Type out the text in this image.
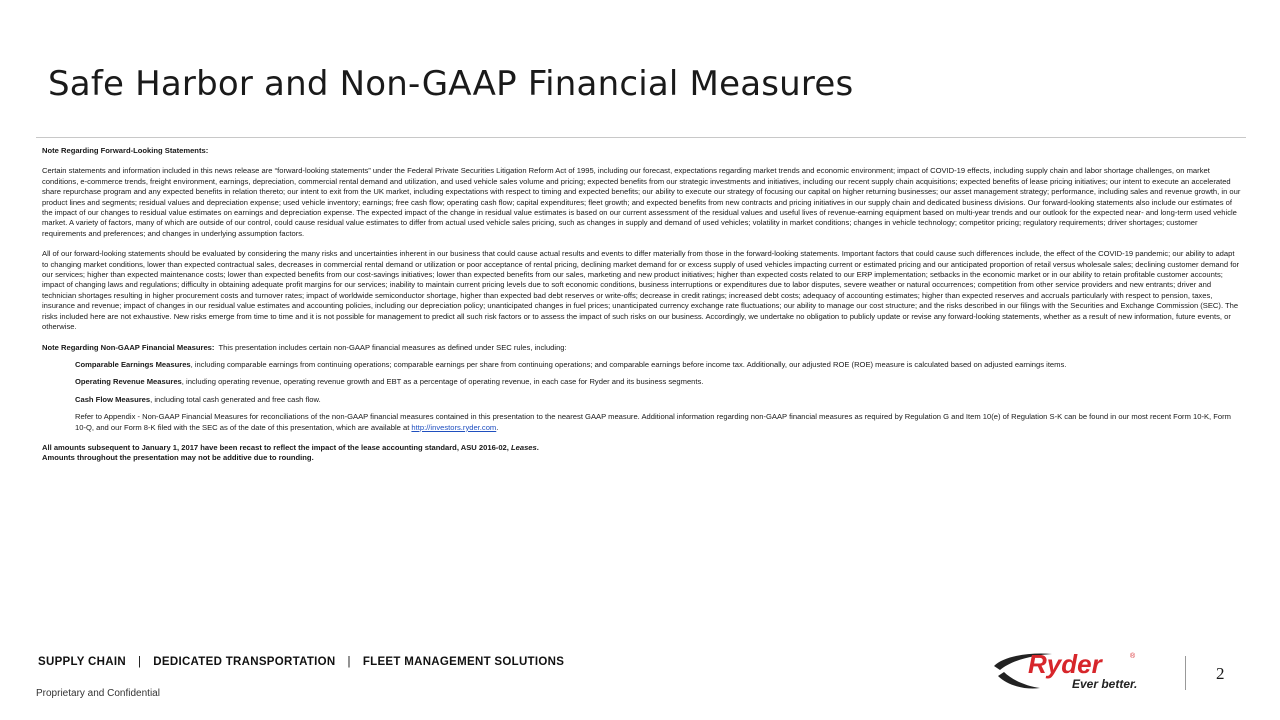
Safe Harbor and Non-GAAP Financial Measures

Note Regarding Forward-Looking Statements:

Certain statements and information included in this news release are “forward-looking statements” under the Federal Private Securities Litigation Reform Act of 1995, including our forecast, expectations regarding market trends and economic environment; impact of COVID-19 effects, including supply chain and labor shortage challenges, on market conditions, e-commerce trends, freight environment, earnings, depreciation, commercial rental demand and utilization, and used vehicle sales volume and pricing; expected benefits from our strategic investments and initiatives, including our recent supply chain acquisitions; expected benefits of lease pricing initiatives; our intent to execute an accelerated share repurchase program and any expected benefits in relation thereto; our intent to exit from the UK market, including expectations with respect to timing and expected benefits; our ability to execute our strategy of focusing our capital on higher returning businesses; our asset management strategy; performance, including sales and revenue growth, in our product lines and segments; residual values and depreciation expense; used vehicle inventory; earnings; free cash flow; operating cash flow; capital expenditures; fleet growth; and expected benefits from new contracts and pricing initiatives in our supply chain and dedicated business divisions. Our forward-looking statements also include our estimates of the impact of our changes to residual value estimates on earnings and depreciation expense. The expected impact of the change in residual value estimates is based on our current assessment of the residual values and useful lives of revenue-earning equipment based on multi-year trends and our outlook for the expected near- and long-term used vehicle market. A variety of factors, many of which are outside of our control, could cause residual value estimates to differ from actual used vehicle sales pricing, such as changes in supply and demand of used vehicles; volatility in market conditions; changes in vehicle technology; competitor pricing; regulatory requirements; driver shortages; customer requirements and preferences; and changes in underlying assumption factors.

All of our forward-looking statements should be evaluated by considering the many risks and uncertainties inherent in our business that could cause actual results and events to differ materially from those in the forward-looking statements. Important factors that could cause such differences include, the effect of the COVID-19 pandemic; our ability to adapt to changing market conditions, lower than expected contractual sales, decreases in commercial rental demand or utilization or poor acceptance of rental pricing, declining market demand for or excess supply of used vehicles impacting current or estimated pricing and our anticipated proportion of retail versus wholesale sales; declining customer demand for our services; higher than expected maintenance costs; lower than expected benefits from our cost-savings initiatives; lower than expected benefits from our sales, marketing and new product initiatives; higher than expected costs related to our ERP implementation; setbacks in the economic market or in our ability to retain profitable customer accounts; impact of changing laws and regulations; difficulty in obtaining adequate profit margins for our services; inability to maintain current pricing levels due to soft economic conditions, business interruptions or expenditures due to labor disputes, severe weather or natural occurrences; competition from other service providers and new entrants; driver and technician shortages resulting in higher procurement costs and turnover rates; impact of worldwide semiconductor shortage, higher than expected bad debt reserves or write-offs; decrease in credit ratings; increased debt costs; adequacy of accounting estimates; higher than expected reserves and accruals particularly with respect to pension, taxes, insurance and revenue; impact of changes in our residual value estimates and accounting policies, including our depreciation policy; unanticipated changes in fuel prices; unanticipated currency exchange rate fluctuations; our ability to manage our cost structure; and the risks described in our filings with the Securities and Exchange Commission (SEC). The risks included here are not exhaustive. New risks emerge from time to time and it is not possible for management to predict all such risk factors or to assess the impact of such risks on our business. Accordingly, we undertake no obligation to publicly update or revise any forward-looking statements, whether as a result of new information, future events, or otherwise.

Note Regarding Non-GAAP Financial Measures: This presentation includes certain non-GAAP financial measures as defined under SEC rules, including:

Comparable Earnings Measures, including comparable earnings from continuing operations; comparable earnings per share from continuing operations; and comparable earnings before income tax. Additionally, our adjusted ROE (ROE) measure is calculated based on adjusted earnings items.

Operating Revenue Measures, including operating revenue, operating revenue growth and EBT as a percentage of operating revenue, in each case for Ryder and its business segments.

Cash Flow Measures, including total cash generated and free cash flow.

Refer to Appendix - Non-GAAP Financial Measures for reconciliations of the non-GAAP financial measures contained in this presentation to the nearest GAAP measure. Additional information regarding non-GAAP financial measures as required by Regulation G and Item 10(e) of Regulation S-K can be found in our most recent Form 10-K, Form 10-Q, and our Form 8-K filed with the SEC as of the date of this presentation, which are available at http://investors.ryder.com.

All amounts subsequent to January 1, 2017 have been recast to reflect the impact of the lease accounting standard, ASU 2016-02, Leases.

Amounts throughout the presentation may not be additive due to rounding.

SUPPLY CHAIN | DEDICATED TRANSPORTATION | FLEET MANAGEMENT SOLUTIONS
Proprietary and Confidential
Ryder	®
Ever better.
2
